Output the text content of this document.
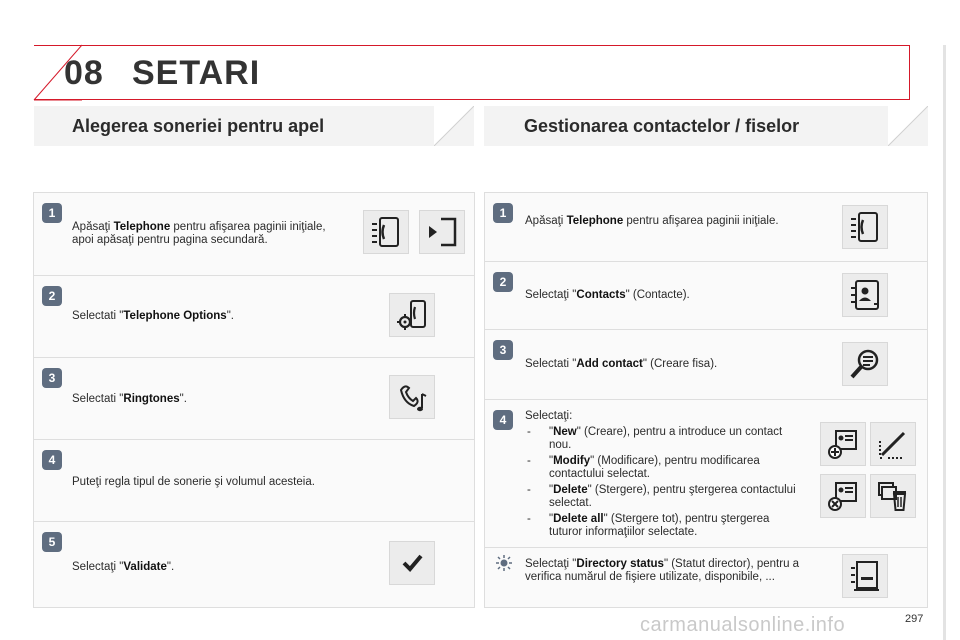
08 SETARI
Alegerea soneriei pentru apel	Gestionarea contactelor / fiselor
1
Apăsaţi Telephone pentru afişarea paginii iniţiale, apoi apăsaţi pentru pagina secundară.
2
Selectati "Telephone Options".
3
Selectati "Ringtones".
4
Puteţi regla tipul de sonerie şi volumul acesteia.
5
Selectaţi "Validate".
1
Apăsaţi Telephone pentru afişarea paginii iniţiale.
2
Selectaţi "Contacts" (Contacte).
3
Selectati "Add contact" (Creare fisa).
4	Selectaţi:
- "New" (Creare), pentru a introduce un contact nou.
- "Modify" (Modificare), pentru modificarea contactului selectat.
- "Delete" (Stergere), pentru ştergerea contactului selectat.
- "Delete all" (Stergere tot), pentru ştergerea tuturor informaţiilor selectate.
Selectaţi "Directory status" (Statut director), pentru a verifica numărul de fişiere utilizate, disponibile, ...
carmanualsonline.info	297
